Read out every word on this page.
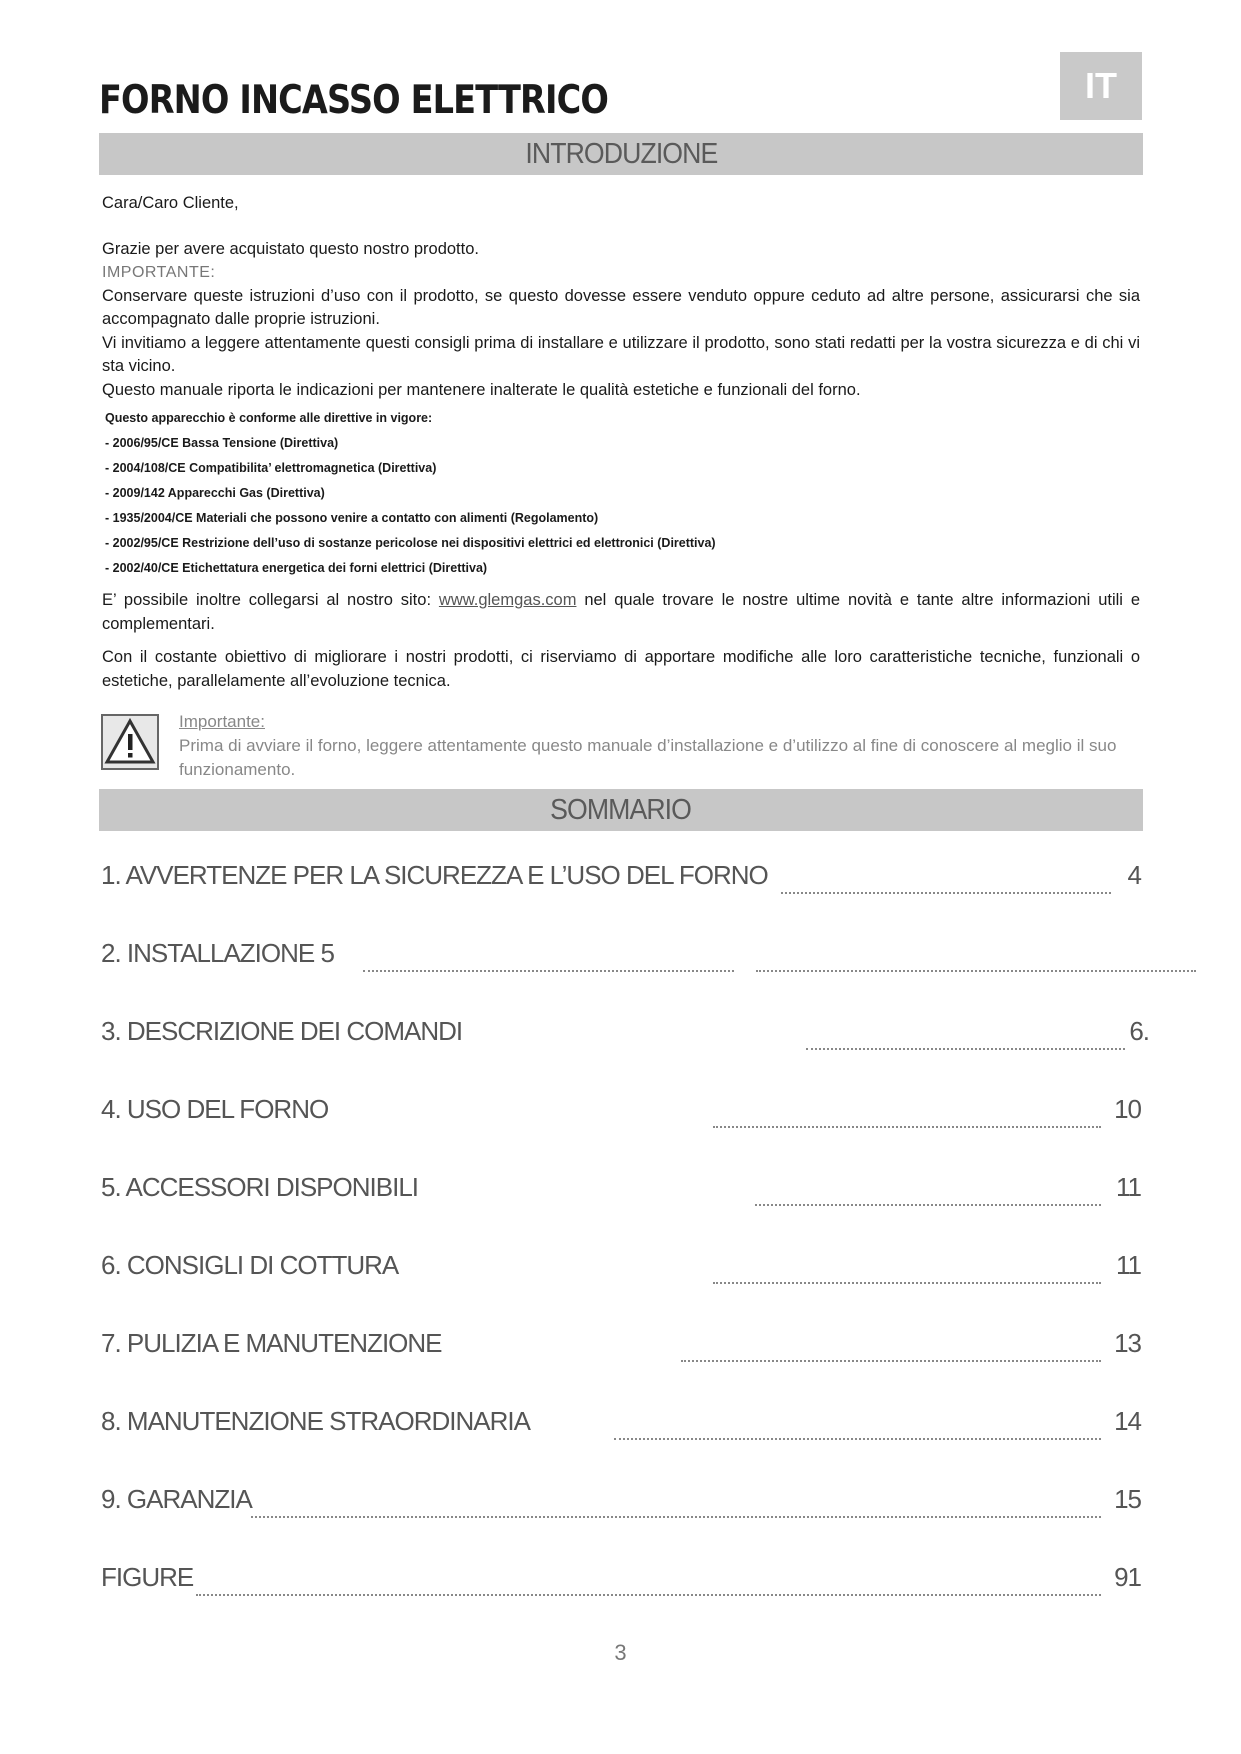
FORNO INCASSO ELETTRICO	IT
INTRODUZIONE

Cara/Caro Cliente,

Grazie per avere acquistato questo nostro prodotto.

IMPORTANTE:

Conservare queste istruzioni d’uso con il prodotto, se questo dovesse essere venduto oppure ceduto ad altre persone, assicurarsi che sia accompagnato dalle proprie istruzioni.

Vi invitiamo a leggere attentamente questi consigli prima di installare e utilizzare il prodotto, sono stati redatti per la vostra sicurezza e di chi vi sta vicino.

Questo manuale riporta le indicazioni per mantenere inalterate le qualità estetiche e funzionali del forno.

Questo apparecchio è conforme alle direttive in vigore:
- 2006/95/CE Bassa Tensione (Direttiva)
- 2004/108/CE Compatibilita’ elettromagnetica (Direttiva)
- 2009/142 Apparecchi Gas (Direttiva)
- 1935/2004/CE Materiali che possono venire a contatto con alimenti (Regolamento)
- 2002/95/CE Restrizione dell’uso di sostanze pericolose nei dispositivi elettrici ed elettronici (Direttiva)
- 2002/40/CE Etichettatura energetica dei forni elettrici (Direttiva)

E’ possibile inoltre collegarsi al nostro sito: www.glemgas.com nel quale trovare le nostre ultime novità e tante altre informazioni utili e complementari.

Con il costante obiettivo di migliorare i nostri prodotti, ci riserviamo di apportare modifiche alle loro caratteristiche tecniche, funzionali o estetiche, parallelamente all’evoluzione tecnica.

Importante:
Prima di avviare il forno, leggere attentamente questo manuale d’installazione e d’utilizzo al fine di conoscere al meglio il suo funzionamento.
SOMMARIO
1. AVVERTENZE PER LA SICUREZZA E L’USO DEL FORNO	4
2. INSTALLAZIONE 5
3. DESCRIZIONE DEI COMANDI	6.
4. USO DEL FORNO	10
5. ACCESSORI DISPONIBILI	11
6. CONSIGLI DI COTTURA	11
7. PULIZIA E MANUTENZIONE	13
8. MANUTENZIONE STRAORDINARIA	14
9. GARANZIA	15
FIGURE	91
3
